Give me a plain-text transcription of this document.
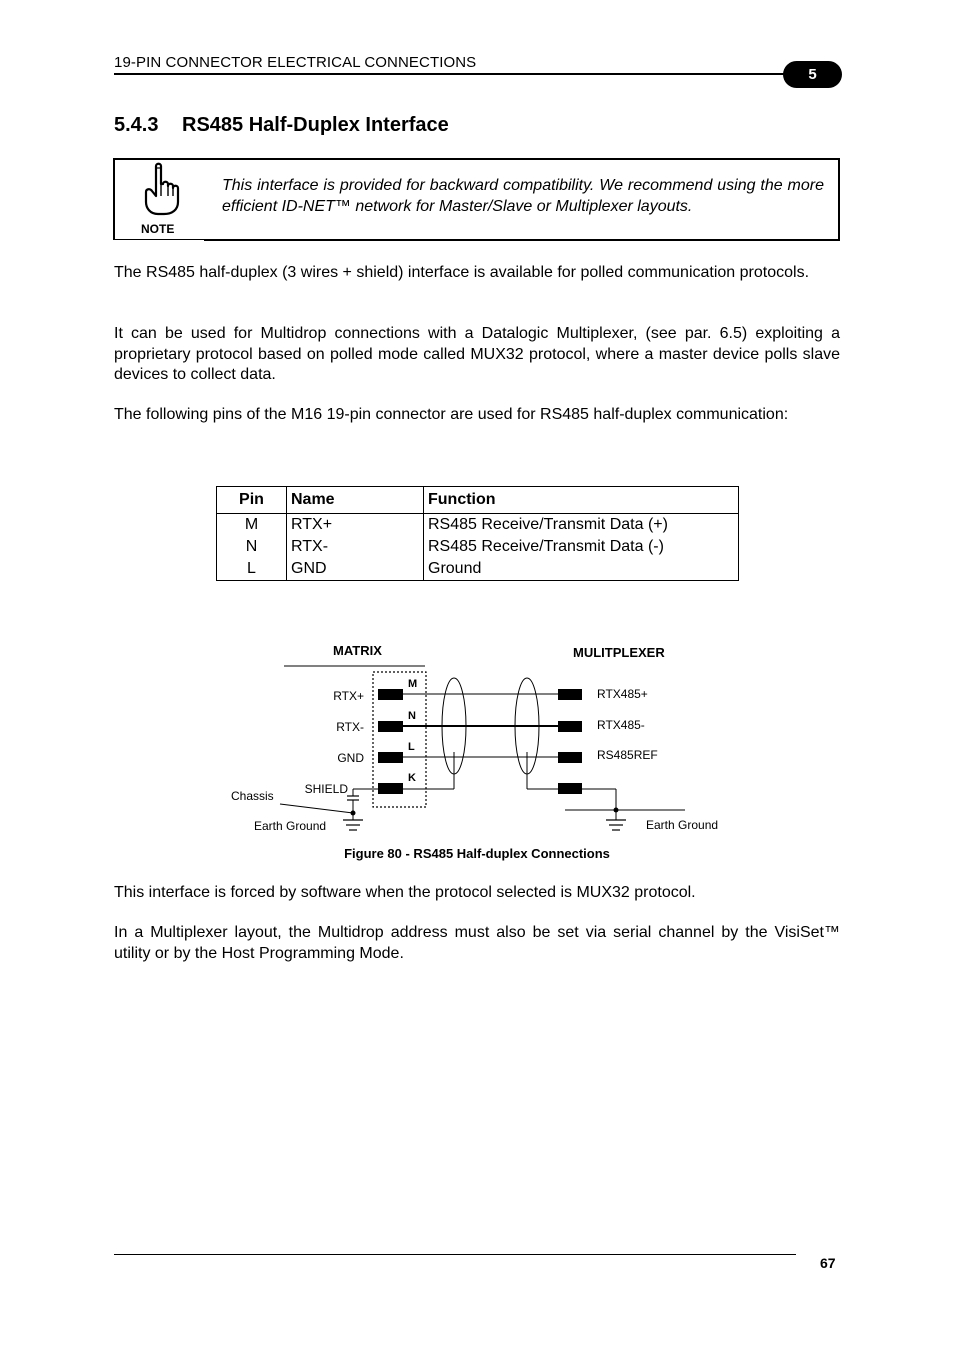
19-PIN CONNECTOR ELECTRICAL CONNECTIONS
5
5.4.3 RS485 Half-Duplex Interface
NOTE
This interface is provided for backward compatibility. We recommend using the more efficient ID-NET™ network for Master/Slave or Multiplexer layouts.
The RS485 half-duplex (3 wires + shield) interface is available for polled communication protocols.
It can be used for Multidrop connections with a Datalogic Multiplexer, (see par. 6.5) exploiting a proprietary protocol based on polled mode called MUX32 protocol, where a master device polls slave devices to collect data.
The following pins of the M16 19-pin connector are used for RS485 half-duplex communication:
Pin	Name	Function
M	RTX+	RS485 Receive/Transmit Data (+)
N	RTX-	RS485 Receive/Transmit Data (-)
L	GND	Ground
MATRIX	MULITPLEXER
RTX+
RTX-
GND
SHIELD
M
N
L
K
RTX485+
RTX485-
RS485REF
Earth Ground
Chassis
Earth Ground
Figure 80 - RS485 Half-duplex Connections
This interface is forced by software when the protocol selected is MUX32 protocol.
In a Multiplexer layout, the Multidrop address must also be set via serial channel by the VisiSet™ utility or by the Host Programming Mode.
67
